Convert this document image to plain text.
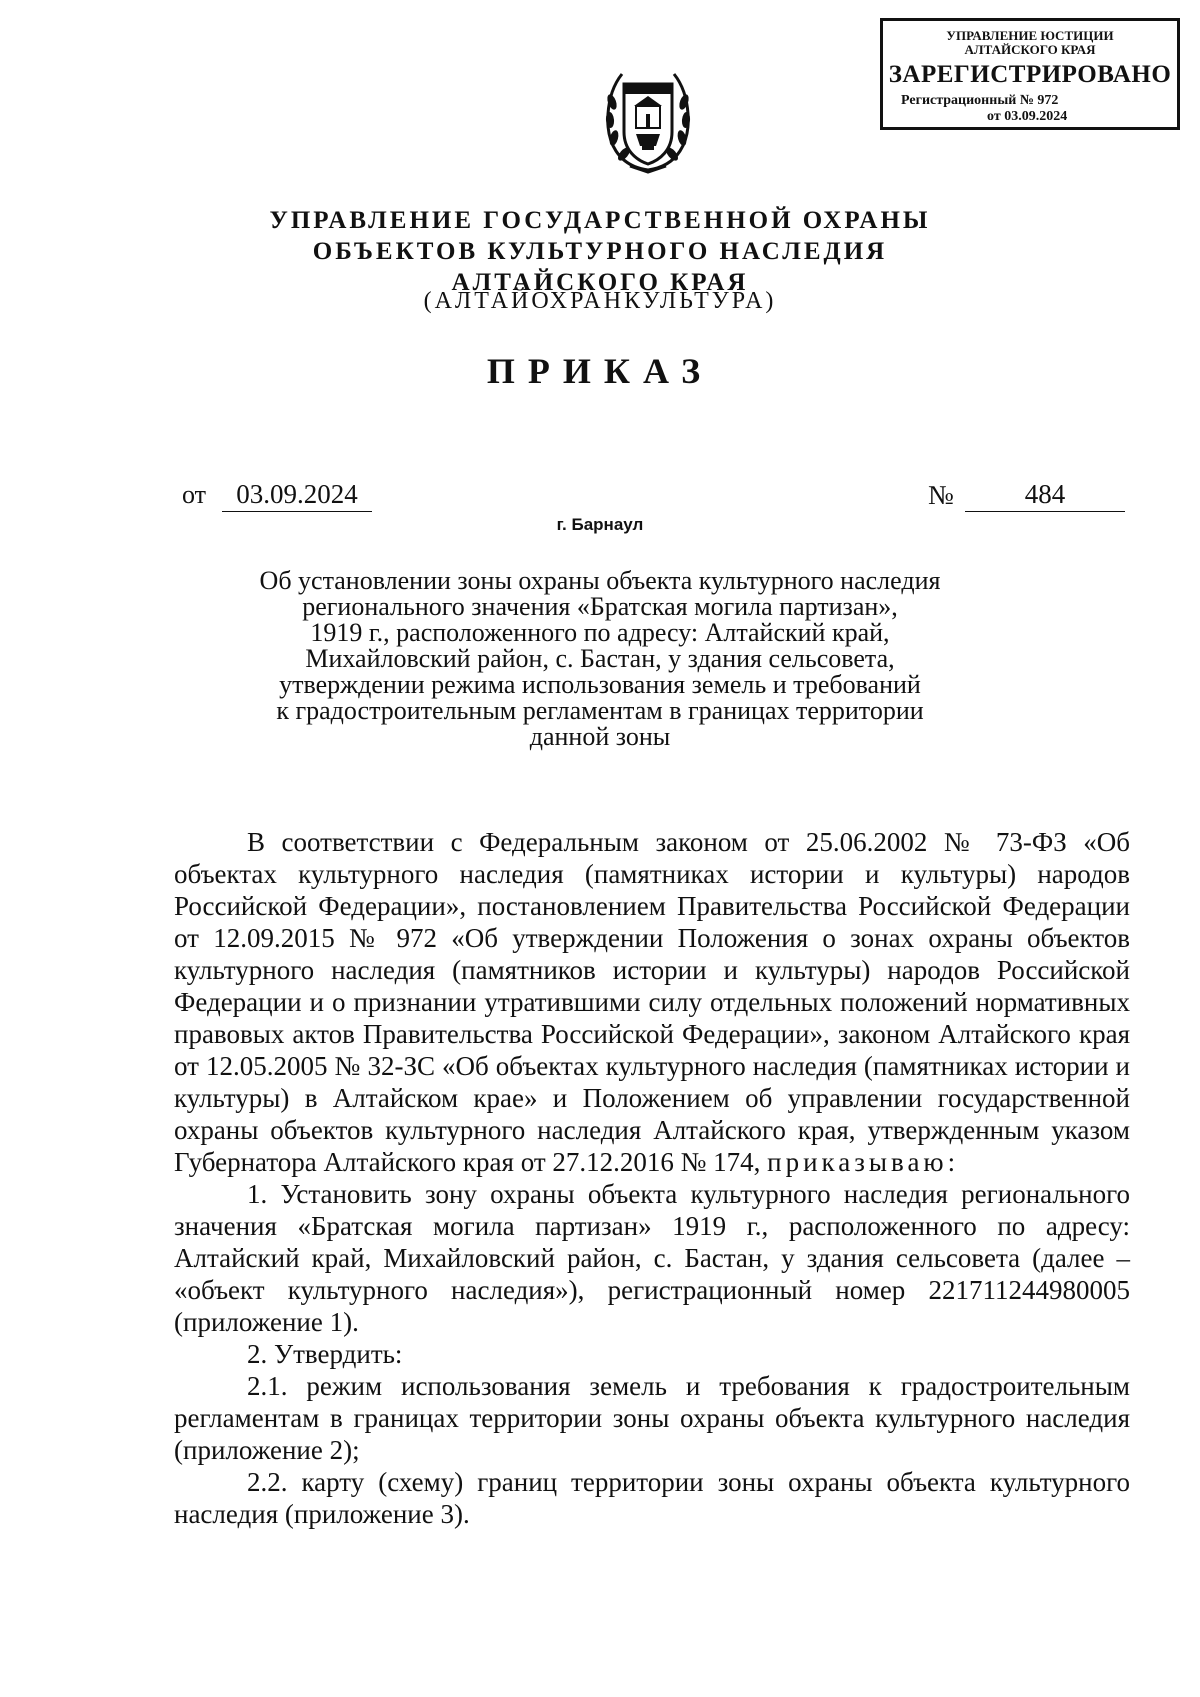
УПРАВЛЕНИЕ ЮСТИЦИИ
АЛТАЙСКОГО КРАЯ
ЗАРЕГИСТРИРОВАНО
Регистрационный № 972
от 03.09.2024
УПРАВЛЕНИЕ ГОСУДАРСТВЕННОЙ ОХРАНЫ
ОБЪЕКТОВ КУЛЬТУРНОГО НАСЛЕДИЯ
АЛТАЙСКОГО КРАЯ
(АЛТАЙОХРАНКУЛЬТУРА)
ПРИКАЗ
от	03.09.2024	№	484
г. Барнаул
Об установлении зоны охраны объекта культурного наследия
регионального значения «Братская могила партизан»,
1919 г., расположенного по адресу: Алтайский край,
Михайловский район, с. Бастан, у здания сельсовета,
утверждении режима использования земель и требований
к градостроительным регламентам в границах территории
данной зоны

В соответствии с Федеральным законом от 25.06.2002 № 73-ФЗ «Об объектах культурного наследия (памятниках истории и культуры) народов Российской Федерации», постановлением Правительства Российской Федерации от 12.09.2015 № 972 «Об утверждении Положения о зонах охраны объектов культурного наследия (памятников истории и культуры) народов Российской Федерации и о признании утратившими силу отдельных положений нормативных правовых актов Правительства Российской Федерации», законом Алтайского края от 12.05.2005 № 32-ЗС «Об объектах культурного наследия (памятниках истории и культуры) в Алтайском крае» и Положением об управлении государственной охраны объектов культурного наследия Алтайского края, утвержденным указом Губернатора Алтайского края от 27.12.2016 № 174, приказываю:

1. Установить зону охраны объекта культурного наследия регионального значения «Братская могила партизан» 1919 г., расположенного по адресу: Алтайский край, Михайловский район, с. Бастан, у здания сельсовета (далее – «объект культурного наследия»), регистрационный номер 221711244980005 (приложение 1).

2. Утвердить:

2.1. режим использования земель и требования к градостроительным регламентам в границах территории зоны охраны объекта культурного наследия (приложение 2);

2.2. карту (схему) границ территории зоны охраны объекта культурного наследия (приложение 3).
